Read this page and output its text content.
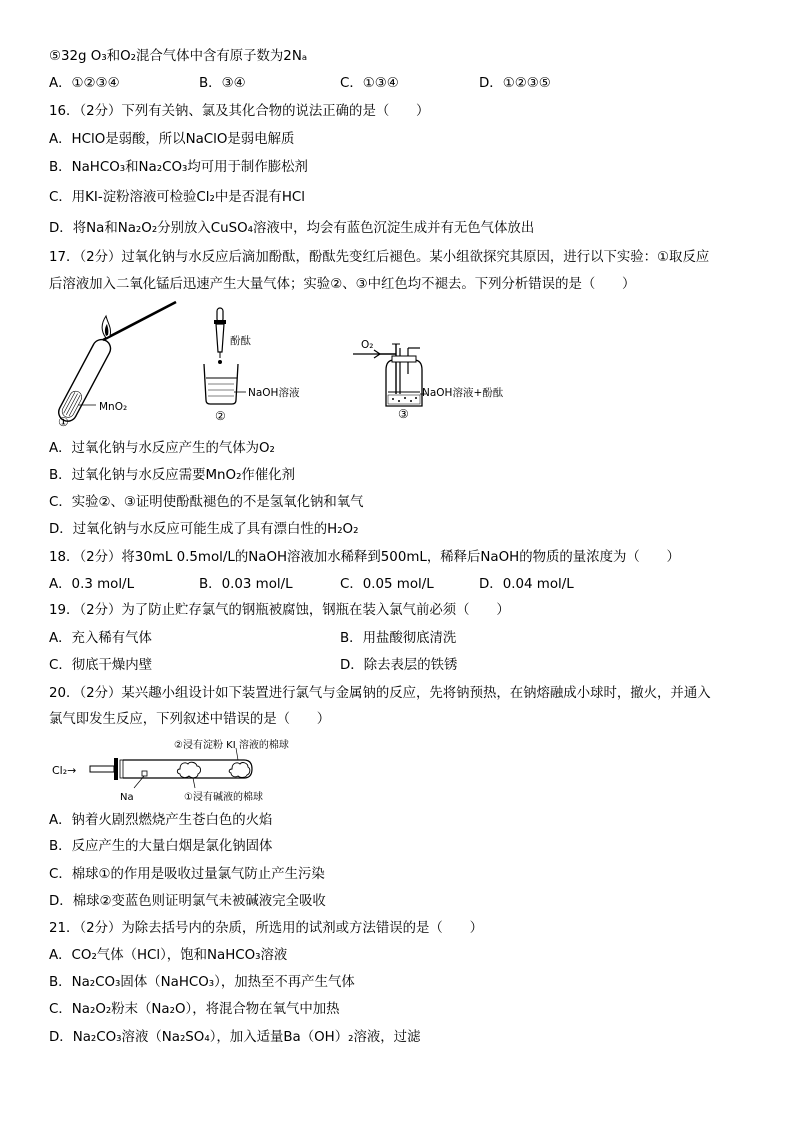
⑤32g O₃和O₂混合气体中含有原子数为2Nₐ
A．①②③④	B．③④	C．①③④	D．①②③⑤
16．（2分）下列有关钠、氯及其化合物的说法正确的是（　　）
A．HClO是弱酸，所以NaClO是弱电解质
B．NaHCO₃和Na₂CO₃均可用于制作膨松剂
C．用KI-淀粉溶液可检验Cl₂中是否混有HCl
D．将Na和Na₂O₂分别放入CuSO₄溶液中，均会有蓝色沉淀生成并有无色气体放出
17．（2分）过氧化钠与水反应后滴加酚酞，酚酞先变红后褪色。某小组欲探究其原因，进行以下实验：①取反应
后溶液加入二氧化锰后迅速产生大量气体；实验②、③中红色均不褪去。下列分析错误的是（　　）
MnO₂
①
酚酞
NaOH溶液
②
O₂
NaOH溶液+酚酞
③
A．过氧化钠与水反应产生的气体为O₂
B．过氧化钠与水反应需要MnO₂作催化剂
C．实验②、③证明使酚酞褪色的不是氢氧化钠和氧气
D．过氧化钠与水反应可能生成了具有漂白性的H₂O₂
18．（2分）将30mL 0.5mol/L的NaOH溶液加水稀释到500mL，稀释后NaOH的物质的量浓度为（　　）
A．0.3 mol/L	B．0.03 mol/L	C．0.05 mol/L	D．0.04 mol/L
19．（2分）为了防止贮存氯气的钢瓶被腐蚀，钢瓶在装入氯气前必须（　　）
A．充入稀有气体	B．用盐酸彻底清洗
C．彻底干燥内壁	D．除去表层的铁锈
20．（2分）某兴趣小组设计如下装置进行氯气与金属钠的反应，先将钠预热，在钠熔融成小球时，撤火，并通入
氯气即发生反应，下列叙述中错误的是（　　）
Cl₂→
②浸有淀粉 KI 溶液的棉球
Na	①浸有碱液的棉球
A．钠着火剧烈燃烧产生苍白色的火焰
B．反应产生的大量白烟是氯化钠固体
C．棉球①的作用是吸收过量氯气防止产生污染
D．棉球②变蓝色则证明氯气未被碱液完全吸收
21．（2分）为除去括号内的杂质，所选用的试剂或方法错误的是（　　）
A．CO₂气体（HCl），饱和NaHCO₃溶液
B．Na₂CO₃固体（NaHCO₃），加热至不再产生气体
C．Na₂O₂粉末（Na₂O），将混合物在氧气中加热
D．Na₂CO₃溶液（Na₂SO₄），加入适量Ba（OH）₂溶液，过滤
